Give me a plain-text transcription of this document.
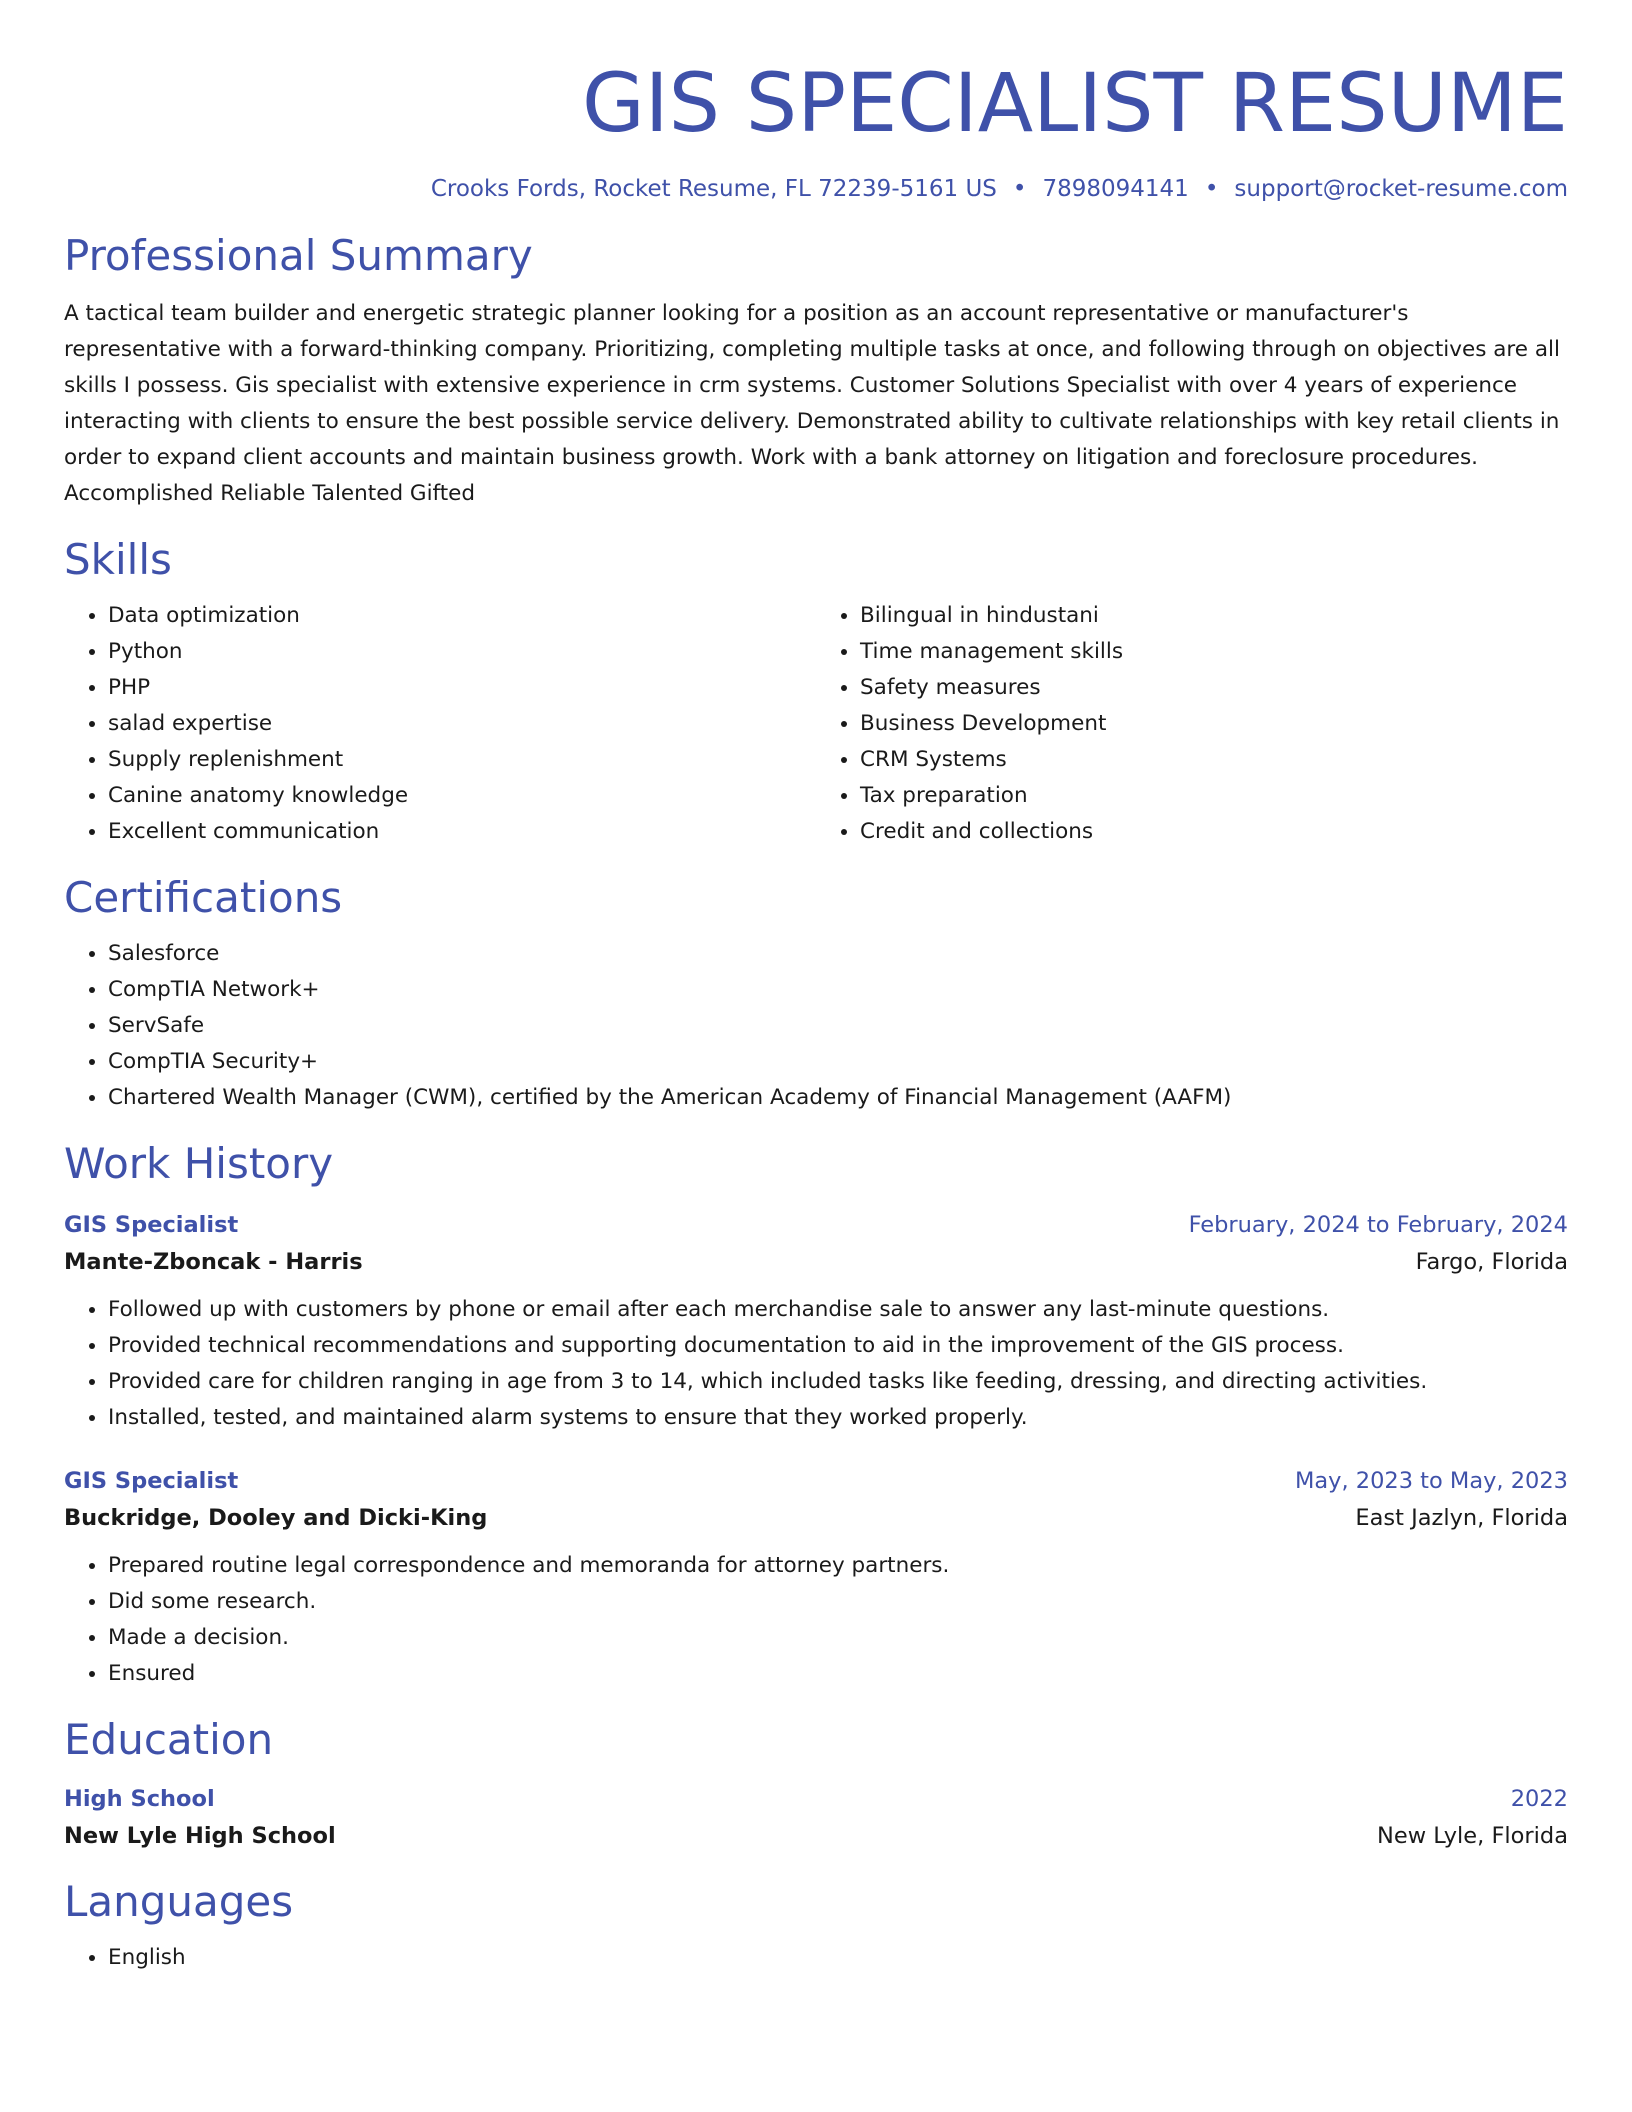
GIS SPECIALIST RESUME
Crooks Fords, Rocket Resume, FL 72239-5161 US • 7898094141 • support@rocket-resume.com
Professional Summary
A tactical team builder and energetic strategic planner looking for a position as an account representative or manufacturer's representative with a forward-thinking company. Prioritizing, completing multiple tasks at once, and following through on objectives are all skills I possess. Gis specialist with extensive experience in crm systems. Customer Solutions Specialist with over 4 years of experience interacting with clients to ensure the best possible service delivery. Demonstrated ability to cultivate relationships with key retail clients in order to expand client accounts and maintain business growth. Work with a bank attorney on litigation and foreclosure procedures. Accomplished Reliable Talented Gifted
Skills
• Data optimization
• Python
• PHP
• salad expertise
• Supply replenishment
• Canine anatomy knowledge
• Excellent communication
• Bilingual in hindustani
• Time management skills
• Safety measures
• Business Development
• CRM Systems
• Tax preparation
• Credit and collections
Certifications
• Salesforce
• CompTIA Network+
• ServSafe
• CompTIA Security+
• Chartered Wealth Manager (CWM), certified by the American Academy of Financial Management (AAFM)
Work History
GIS Specialist	February, 2024 to February, 2024
Mante-Zboncak - Harris	Fargo, Florida
• Followed up with customers by phone or email after each merchandise sale to answer any last-minute questions.
• Provided technical recommendations and supporting documentation to aid in the improvement of the GIS process.
• Provided care for children ranging in age from 3 to 14, which included tasks like feeding, dressing, and directing activities.
• Installed, tested, and maintained alarm systems to ensure that they worked properly.
GIS Specialist	May, 2023 to May, 2023
Buckridge, Dooley and Dicki-King	East Jazlyn, Florida
• Prepared routine legal correspondence and memoranda for attorney partners.
• Did some research.
• Made a decision.
• Ensured
Education
High School	2022
New Lyle High School	New Lyle, Florida
Languages
• English
